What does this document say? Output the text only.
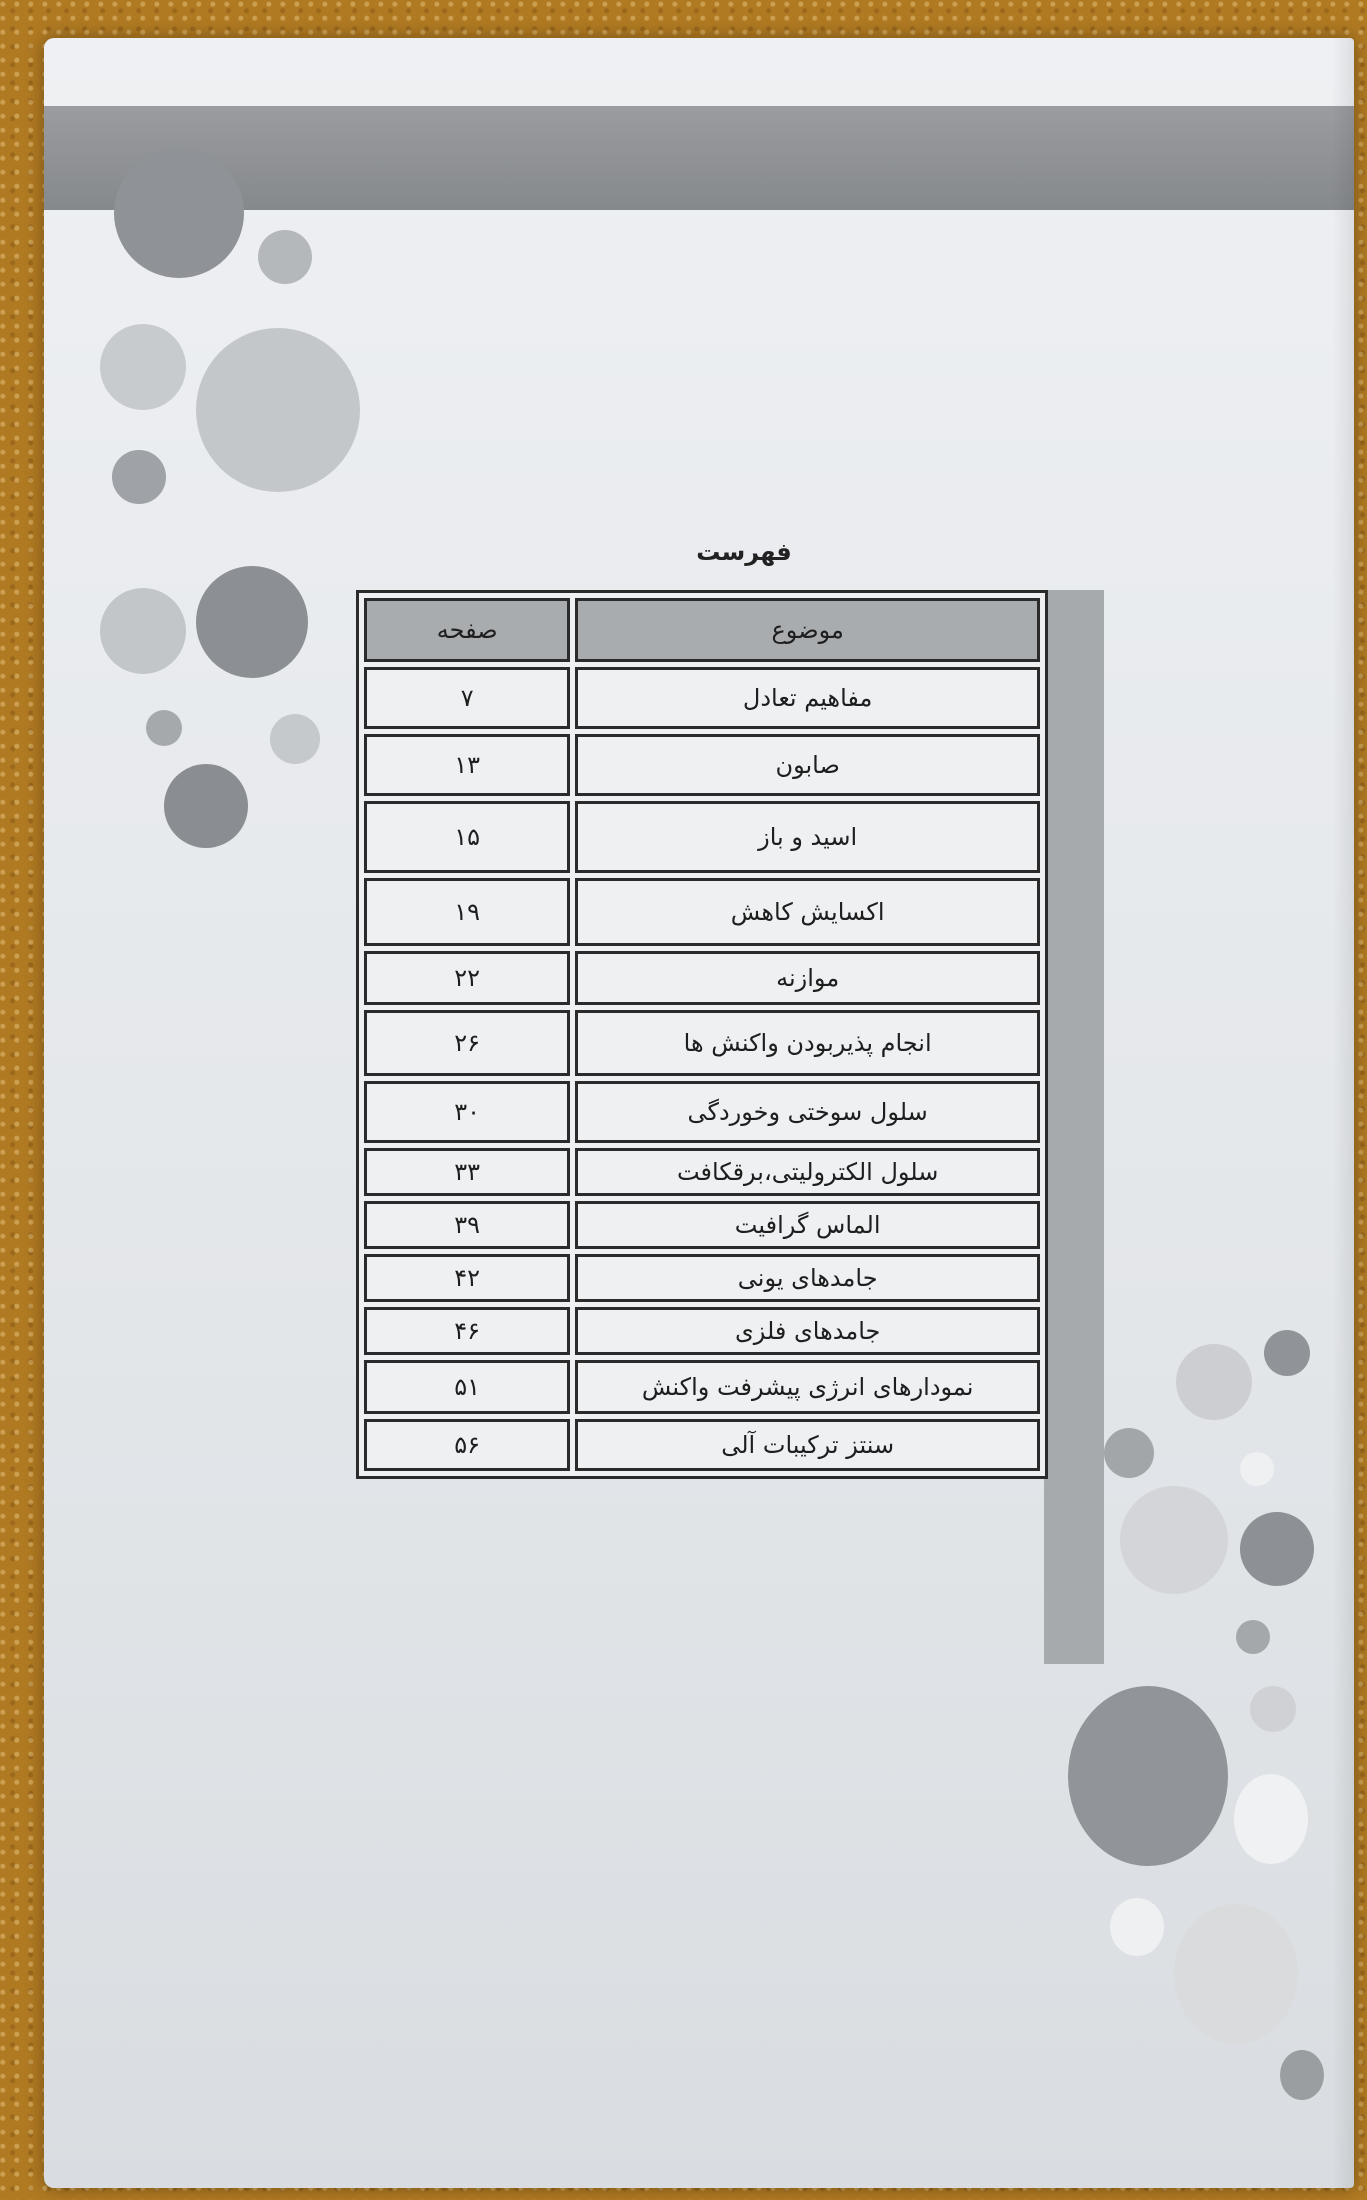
فهرست
موضوع	صفحه
مفاهیم تعادل	۷
صابون	۱۳
اسید و باز	۱۵
اکسایش کاهش	۱۹
موازنه	۲۲
انجام پذیربودن واکنش ها	۲۶
سلول سوختی وخوردگی	۳۰
سلول الکترولیتی،برقکافت	۳۳
الماس گرافیت	۳۹
جامدهای یونی	۴۲
جامدهای فلزی	۴۶
نمودارهای انرژی پیشرفت واکنش	۵۱
سنتز ترکیبات آلی	۵۶
